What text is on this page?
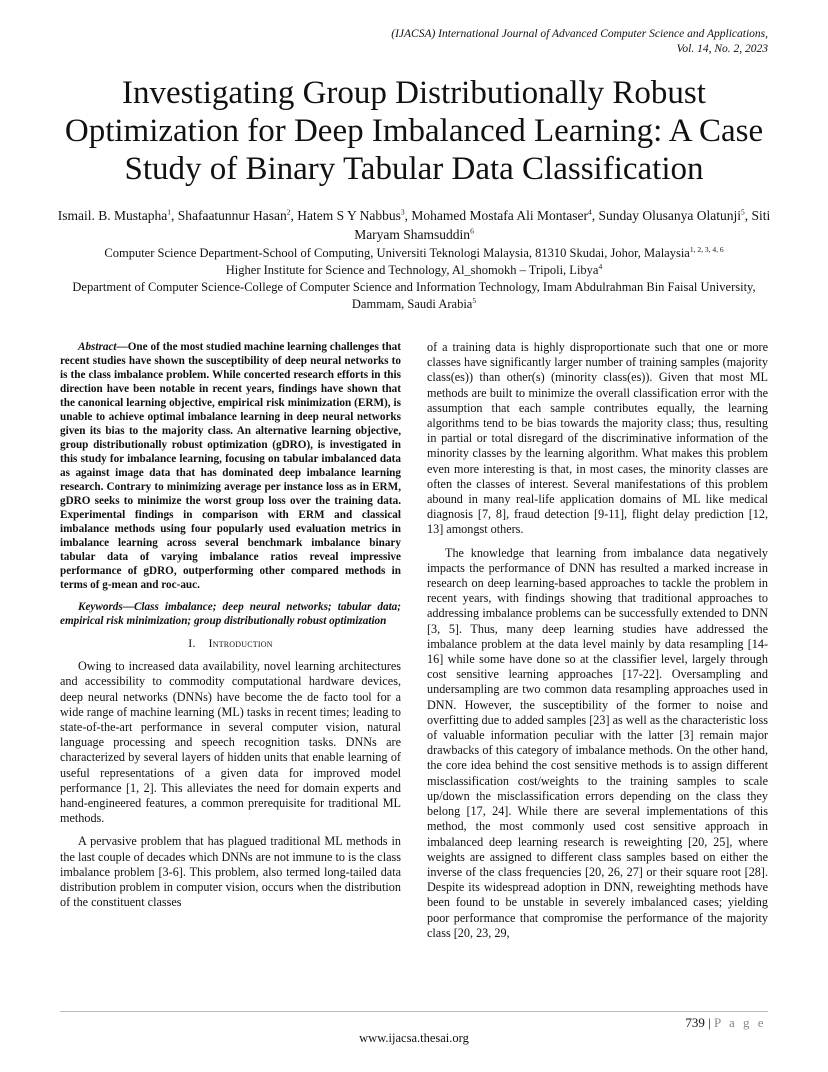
(IJACSA) International Journal of Advanced Computer Science and Applications,
Vol. 14, No. 2, 2023
Investigating Group Distributionally Robust Optimization for Deep Imbalanced Learning: A Case Study of Binary Tabular Data Classification
Ismail. B. Mustapha$^1$, Shafaatunnur Hasan$^2$, Hatem S Y Nabbus$^3$, Mohamed Mostafa Ali Montaser$^4$, Sunday Olusanya Olatunji$^5$, Siti Maryam Shamsuddin$^6$
Computer Science Department-School of Computing, Universiti Teknologi Malaysia, 81310 Skudai, Johor, Malaysia$^{1, 2, 3, 4, 6}$
Higher Institute for Science and Technology, Al_shomokh – Tripoli, Libya$^4$
Department of Computer Science-College of Computer Science and Information Technology, Imam Abdulrahman Bin Faisal University, Dammam, Saudi Arabia$^5$

Abstract—One of the most studied machine learning challenges that recent studies have shown the susceptibility of deep neural networks to is the class imbalance problem. While concerted research efforts in this direction have been notable in recent years, findings have shown that the canonical learning objective, empirical risk minimization (ERM), is unable to achieve optimal imbalance learning in deep neural networks given its bias to the majority class. An alternative learning objective, group distributionally robust optimization (gDRO), is investigated in this study for imbalance learning, focusing on tabular imbalanced data as against image data that has dominated deep imbalance learning research. Contrary to minimizing average per instance loss as in ERM, gDRO seeks to minimize the worst group loss over the training data. Experimental findings in comparison with ERM and classical imbalance methods using four popularly used evaluation metrics in imbalance learning across several benchmark imbalance binary tabular data of varying imbalance ratios reveal impressive performance of gDRO, outperforming other compared methods in terms of g-mean and roc-auc.

Keywords—Class imbalance; deep neural networks; tabular data; empirical risk minimization; group distributionally robust optimization

I. Introduction

Owing to increased data availability, novel learning architectures and accessibility to commodity computational hardware devices, deep neural networks (DNNs) have become the de facto tool for a wide range of machine learning (ML) tasks in recent times; leading to state-of-the-art performance in several computer vision, natural language processing and speech recognition tasks. DNNs are characterized by several layers of hidden units that enable learning of useful representations of a given data for improved model performance [1, 2]. This alleviates the need for domain experts and hand-engineered features, a common prerequisite for traditional ML methods.

A pervasive problem that has plagued traditional ML methods in the last couple of decades which DNNs are not immune to is the class imbalance problem [3-6]. This problem, also termed long-tailed data distribution problem in computer vision, occurs when the distribution of the constituent classes

of a training data is highly disproportionate such that one or more classes have significantly larger number of training samples (majority class(es)) than other(s) (minority class(es)). Given that most ML methods are built to minimize the overall classification error with the assumption that each sample contributes equally, the learning algorithms tend to be bias towards the majority class; thus, resulting in partial or total disregard of the discriminative information of the minority classes by the learning algorithm. What makes this problem even more interesting is that, in most cases, the minority classes are often the classes of interest. Several manifestations of this problem abound in many real-life application domains of ML like medical diagnosis [7, 8], fraud detection [9-11], flight delay prediction [12, 13] amongst others.

The knowledge that learning from imbalance data negatively impacts the performance of DNN has resulted a marked increase in research on deep learning-based approaches to tackle the problem in recent years, with findings showing that traditional approaches to addressing imbalance problems can be successfully extended to DNN [3, 5]. Thus, many deep learning studies have addressed the imbalance problem at the data level mainly by data resampling [14-16] while some have done so at the classifier level, largely through cost sensitive learning approaches [17-22]. Oversampling and undersampling are two common data resampling approaches used in DNN. However, the susceptibility of the former to noise and overfitting due to added samples [23] as well as the characteristic loss of valuable information peculiar with the latter [3] remain major drawbacks of this category of imbalance methods. On the other hand, the core idea behind the cost sensitive methods is to assign different misclassification cost/weights to the training samples to scale up/down the misclassification errors depending on the class they belong [17, 24]. While there are several implementations of this method, the most commonly used cost sensitive approach in imbalanced deep learning research is reweighting [20, 25], where weights are assigned to different class samples based on either the inverse of the class frequencies [20, 26, 27] or their square root [28]. Despite its widespread adoption in DNN, reweighting methods have been found to be unstable in severely imbalanced cases; yielding poor performance that compromise the performance of the majority class [20, 23, 29,

739 | P a g e
www.ijacsa.thesai.org
